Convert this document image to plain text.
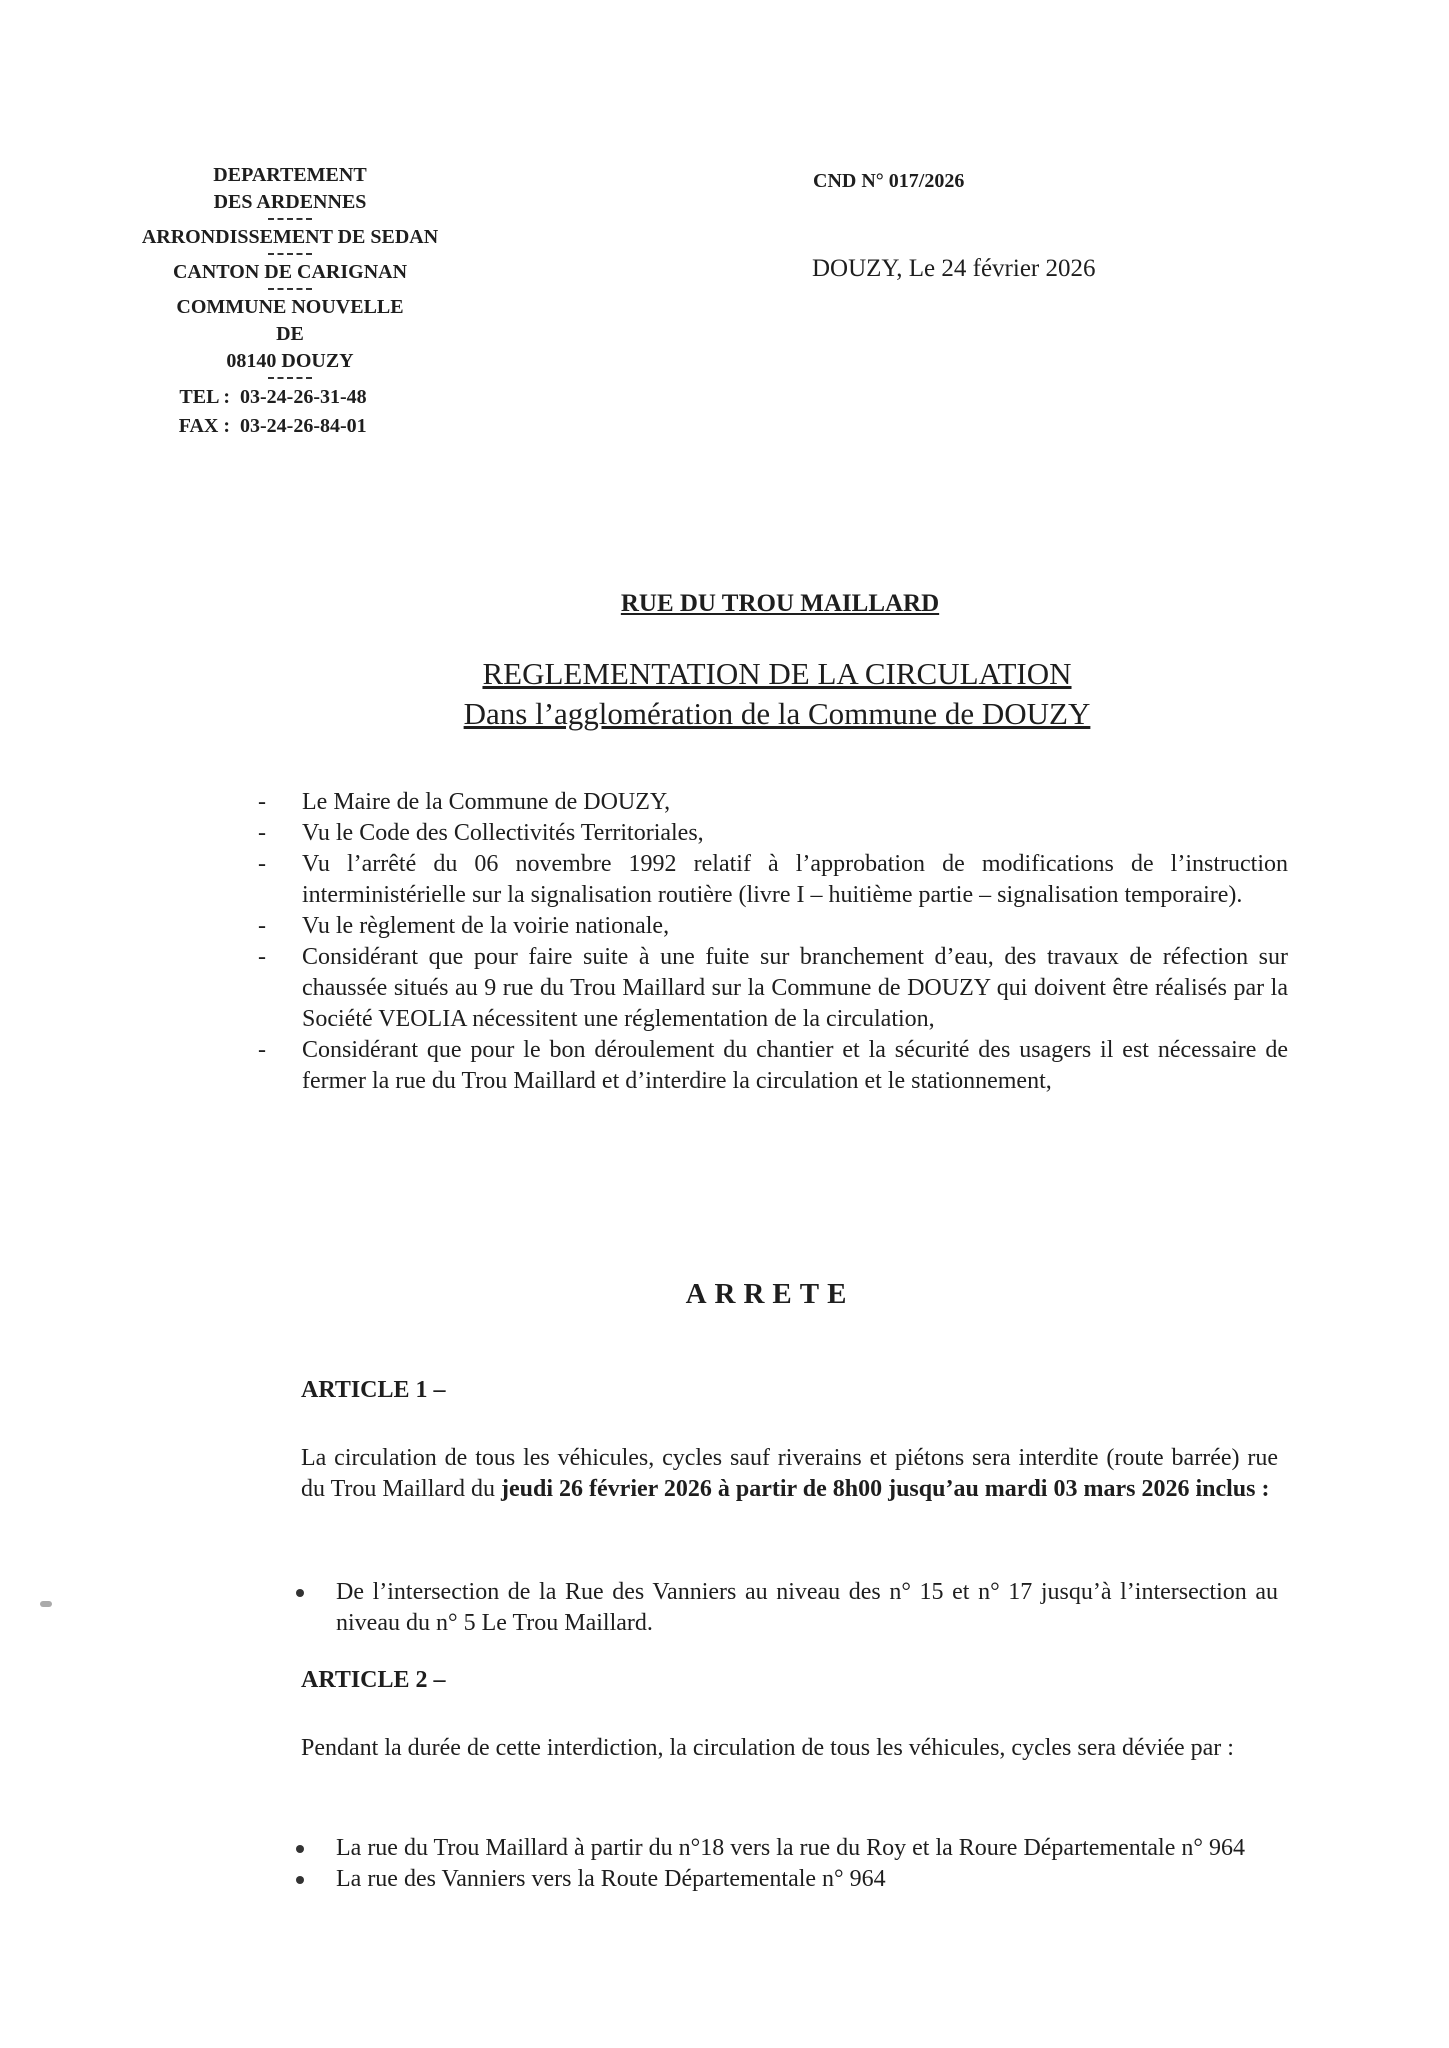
DEPARTEMENT
DES ARDENNES
ARRONDISSEMENT DE SEDAN
CANTON DE CARIGNAN
COMMUNE NOUVELLE
DE
08140 DOUZY
TEL : 03-24-26-31-48
FAX : 03-24-26-84-01
CND N° 017/2026
DOUZY, Le 24 février 2026
RUE DU TROU MAILLARD
REGLEMENTATION DE LA CIRCULATION
Dans l’agglomération de la Commune de DOUZY
- Le Maire de la Commune de DOUZY,
- Vu le Code des Collectivités Territoriales,
- Vu l’arrêté du 06 novembre 1992 relatif à l’approbation de modifications de l’instruction interministérielle sur la signalisation routière (livre I – huitième partie – signalisation temporaire).
- Vu le règlement de la voirie nationale,
- Considérant que pour faire suite à une fuite sur branchement d’eau, des travaux de réfection sur chaussée situés au 9 rue du Trou Maillard sur la Commune de DOUZY qui doivent être réalisés par la Société VEOLIA nécessitent une réglementation de la circulation,
- Considérant que pour le bon déroulement du chantier et la sécurité des usagers il est nécessaire de fermer la rue du Trou Maillard et d’interdire la circulation et le stationnement,
ARRETE
ARTICLE 1 –
La circulation de tous les véhicules, cycles sauf riverains et piétons sera interdite (route barrée) rue du Trou Maillard du jeudi 26 février 2026 à partir de 8h00 jusqu’au mardi 03 mars 2026 inclus :
De l’intersection de la Rue des Vanniers au niveau des n° 15 et n° 17 jusqu’à l’intersection au niveau du n° 5 Le Trou Maillard.
ARTICLE 2 –
Pendant la durée de cette interdiction, la circulation de tous les véhicules, cycles sera déviée par :
La rue du Trou Maillard à partir du n°18 vers la rue du Roy et la Roure Départementale n° 964
La rue des Vanniers vers la Route Départementale n° 964
